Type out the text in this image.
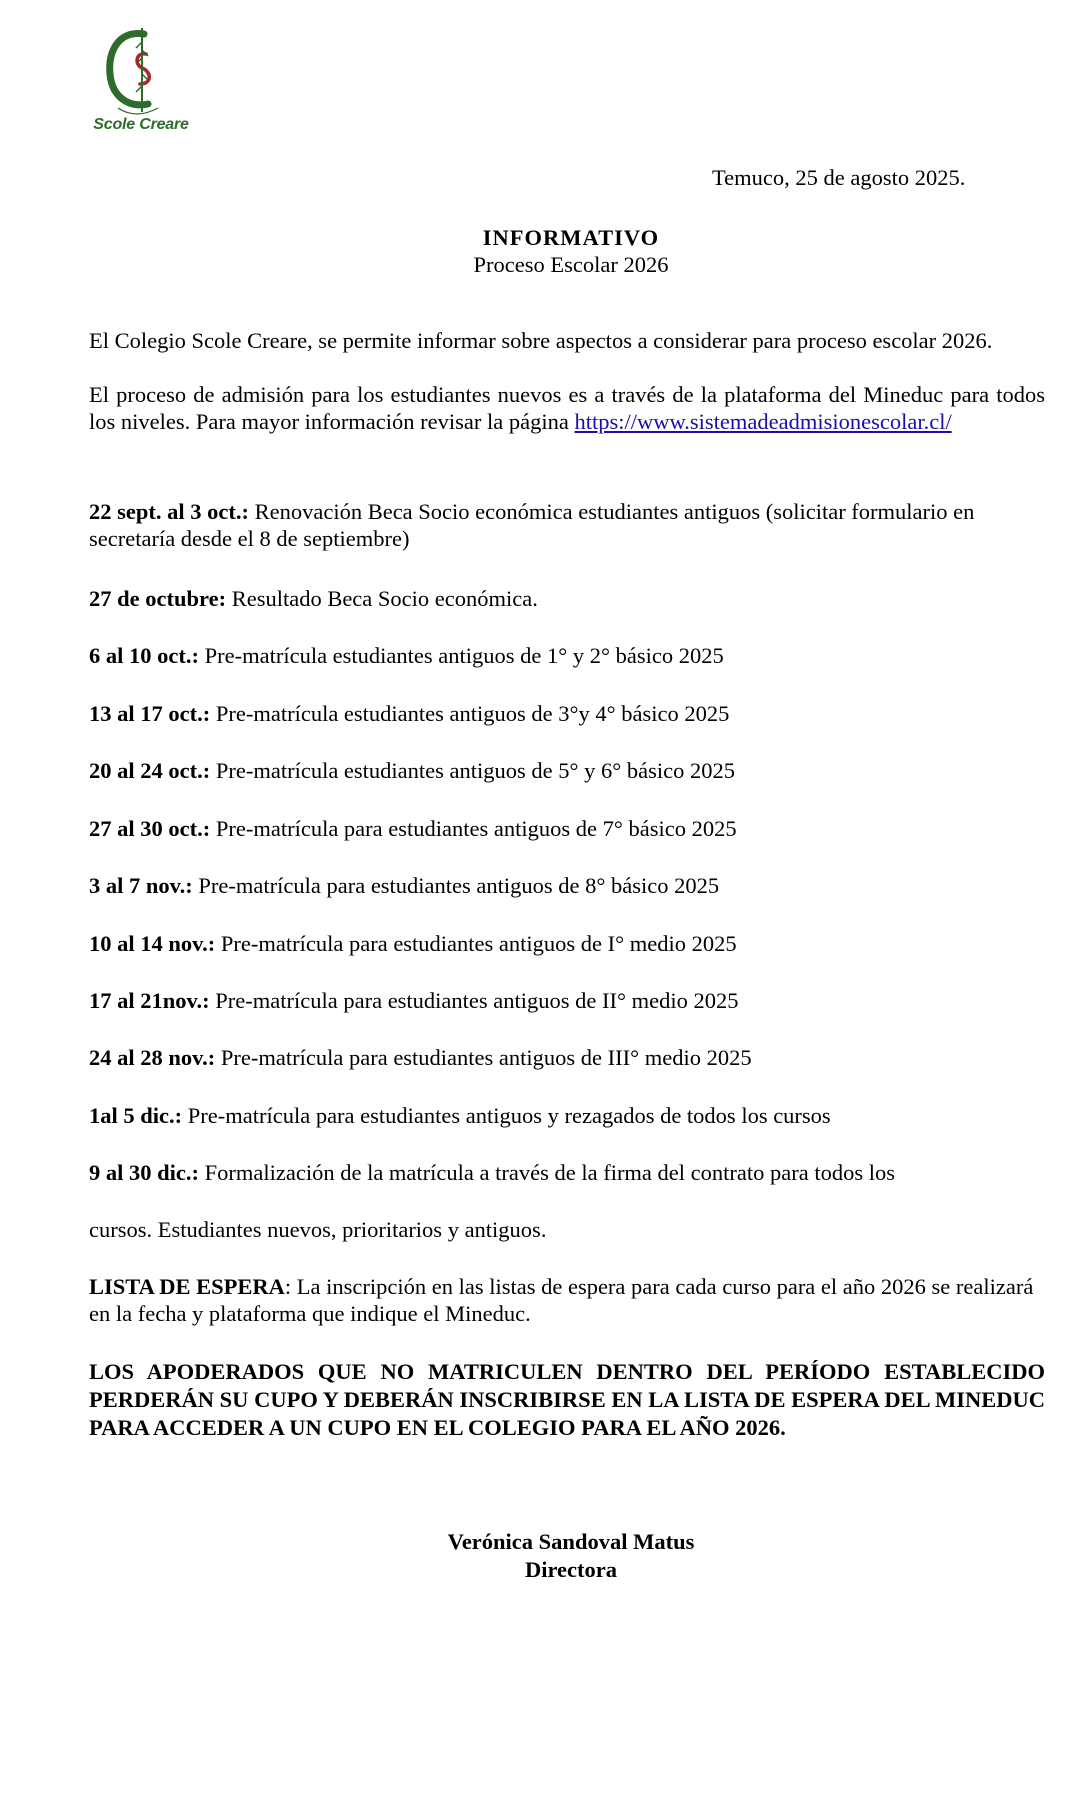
Scole Creare
Temuco, 25 de agosto 2025.
INFORMATIVO
Proceso Escolar 2026
El Colegio Scole Creare, se permite informar sobre aspectos a considerar para proceso escolar 2026.
El proceso de admisión para los estudiantes nuevos es a través de la plataforma del Mineduc para todos los niveles. Para mayor información revisar la página https://www.sistemadeadmisionescolar.cl/
22 sept. al 3 oct.: Renovación Beca Socio económica estudiantes antiguos (solicitar formulario en secretaría desde el 8 de septiembre)
27 de octubre: Resultado Beca Socio económica.
6 al 10 oct.: Pre-matrícula estudiantes antiguos de 1° y 2° básico 2025
13 al 17 oct.: Pre-matrícula estudiantes antiguos de 3°y 4° básico 2025
20 al 24 oct.: Pre-matrícula estudiantes antiguos de 5° y 6° básico 2025
27 al 30 oct.: Pre-matrícula para estudiantes antiguos de 7° básico 2025
3 al 7 nov.: Pre-matrícula para estudiantes antiguos de 8° básico 2025
10 al 14 nov.: Pre-matrícula para estudiantes antiguos de I° medio 2025
17 al 21nov.: Pre-matrícula para estudiantes antiguos de II° medio 2025
24 al 28 nov.: Pre-matrícula para estudiantes antiguos de III° medio 2025
1al 5 dic.: Pre-matrícula para estudiantes antiguos y rezagados de todos los cursos
9 al 30 dic.: Formalización de la matrícula a través de la firma del contrato para todos los
cursos. Estudiantes nuevos, prioritarios y antiguos.
LISTA DE ESPERA: La inscripción en las listas de espera para cada curso para el año 2026 se realizará en la fecha y plataforma que indique el Mineduc.
LOS APODERADOS QUE NO MATRICULEN DENTRO DEL PERÍODO ESTABLECIDO PERDERÁN SU CUPO Y DEBERÁN INSCRIBIRSE EN LA LISTA DE ESPERA DEL MINEDUC PARA ACCEDER A UN CUPO EN EL COLEGIO PARA EL AÑO 2026.
Verónica Sandoval Matus
Directora
